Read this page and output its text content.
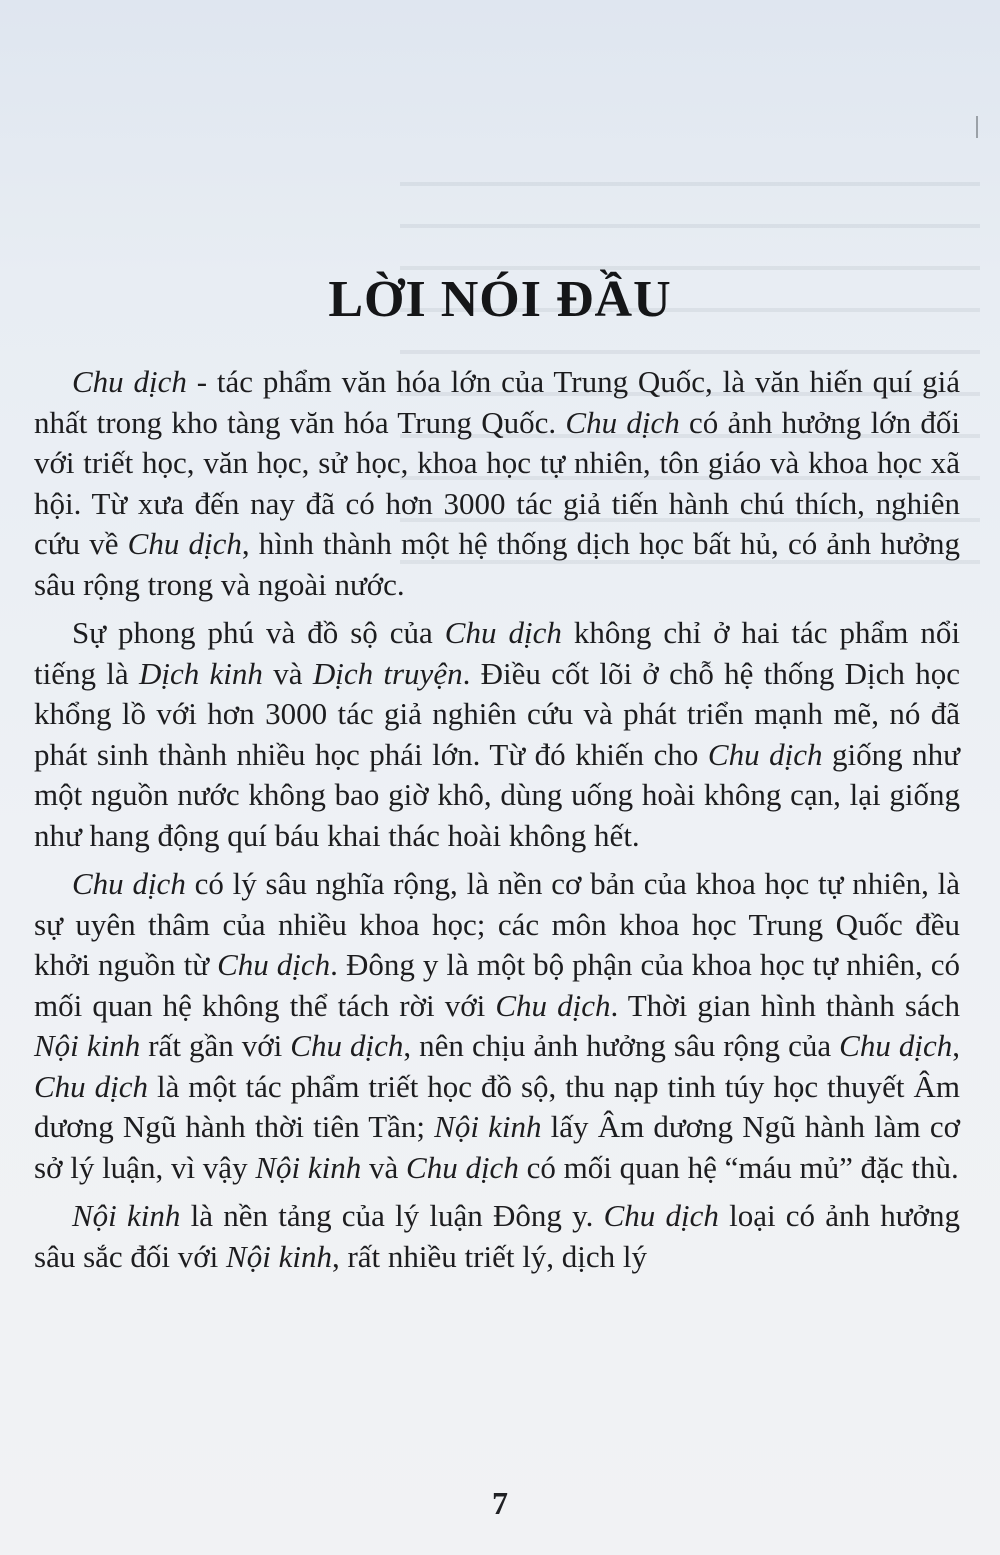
LỜI NÓI ĐẦU

Chu dịch - tác phẩm văn hóa lớn của Trung Quốc, là văn hiến quí giá nhất trong kho tàng văn hóa Trung Quốc. Chu dịch có ảnh hưởng lớn đối với triết học, văn học, sử học, khoa học tự nhiên, tôn giáo và khoa học xã hội. Từ xưa đến nay đã có hơn 3000 tác giả tiến hành chú thích, nghiên cứu về Chu dịch, hình thành một hệ thống dịch học bất hủ, có ảnh hưởng sâu rộng trong và ngoài nước.

Sự phong phú và đồ sộ của Chu dịch không chỉ ở hai tác phẩm nổi tiếng là Dịch kinh và Dịch truyện. Điều cốt lõi ở chỗ hệ thống Dịch học khổng lồ với hơn 3000 tác giả nghiên cứu và phát triển mạnh mẽ, nó đã phát sinh thành nhiều học phái lớn. Từ đó khiến cho Chu dịch giống như một nguồn nước không bao giờ khô, dùng uống hoài không cạn, lại giống như hang động quí báu khai thác hoài không hết.

Chu dịch có lý sâu nghĩa rộng, là nền cơ bản của khoa học tự nhiên, là sự uyên thâm của nhiều khoa học; các môn khoa học Trung Quốc đều khởi nguồn từ Chu dịch. Đông y là một bộ phận của khoa học tự nhiên, có mối quan hệ không thể tách rời với Chu dịch. Thời gian hình thành sách Nội kinh rất gần với Chu dịch, nên chịu ảnh hưởng sâu rộng của Chu dịch, Chu dịch là một tác phẩm triết học đồ sộ, thu nạp tinh túy học thuyết Âm dương Ngũ hành thời tiên Tần; Nội kinh lấy Âm dương Ngũ hành làm cơ sở lý luận, vì vậy Nội kinh và Chu dịch có mối quan hệ “máu mủ” đặc thù.

Nội kinh là nền tảng của lý luận Đông y. Chu dịch loại có ảnh hưởng sâu sắc đối với Nội kinh, rất nhiều triết lý, dịch lý

7
